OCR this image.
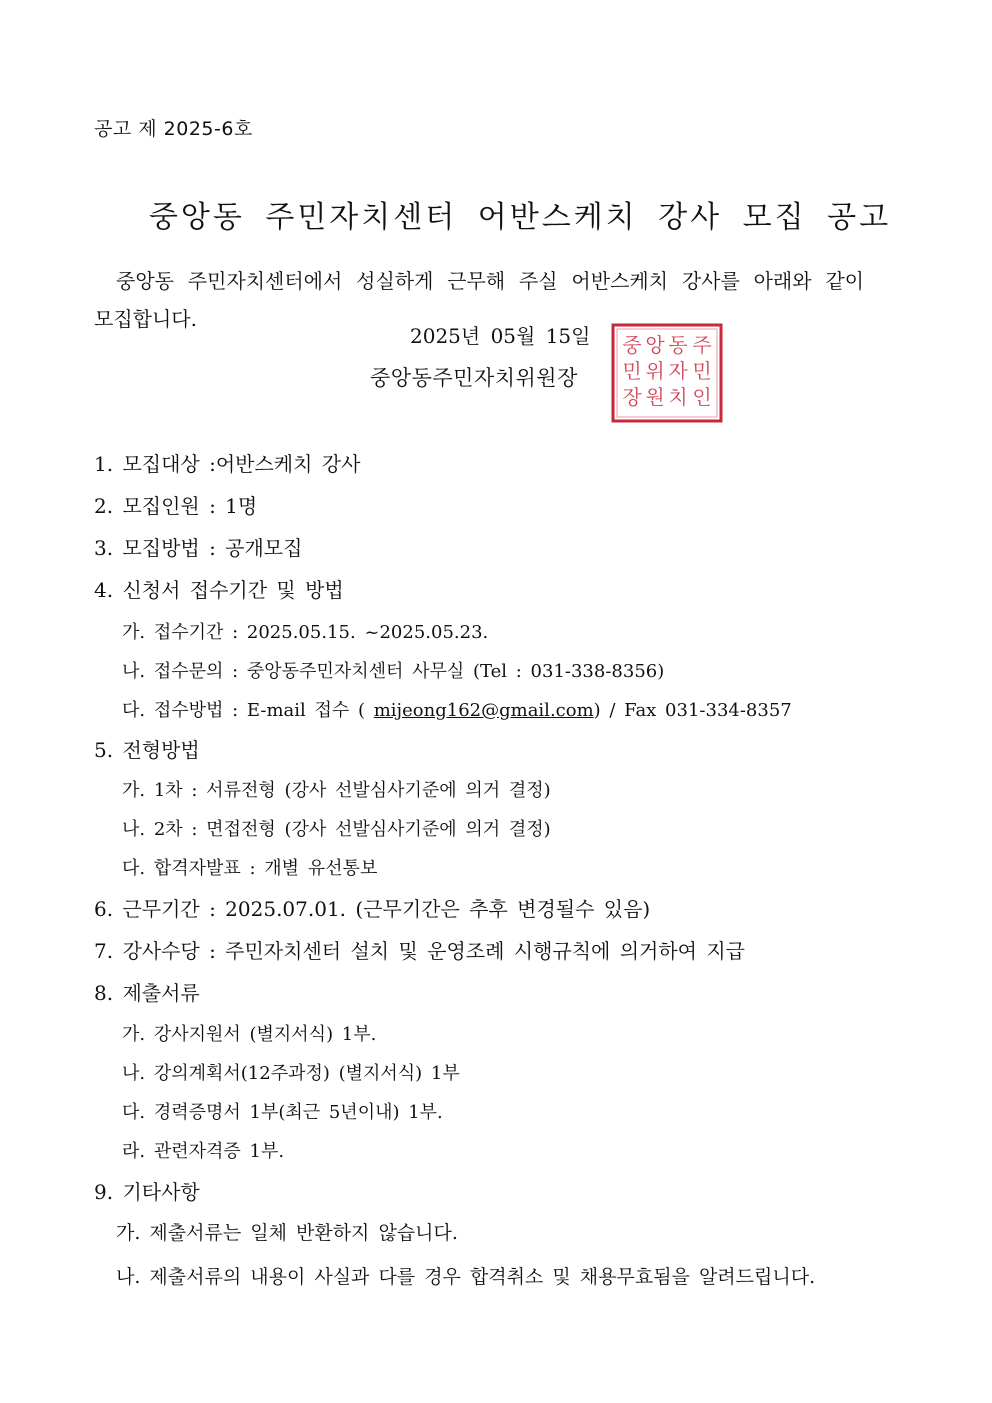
공고 제 2025-6호
중앙동 주민자치센터 어반스케치 강사 모집 공고

중앙동 주민자치센터에서 성실하게 근무해 주실 어반스케치 강사를 아래와 같이 모집합니다.

2025년 05월 15일
중앙동주민자치위원장
주
민
인
동
자
치
앙
위
원
중
민
장
1. 모집대상 :어반스케치 강사
2. 모집인원 : 1명
3. 모집방법 : 공개모집
4. 신청서 접수기간 및 방법
가. 접수기간 : 2025.05.15. ~2025.05.23.
나. 접수문의 : 중앙동주민자치센터 사무실 (Tel : 031-338-8356)
다. 접수방법 : E-mail 접수 ( mijeong162@gmail.com) / Fax 031-334-8357
5. 전형방법
가. 1차 : 서류전형 (강사 선발심사기준에 의거 결정)
나. 2차 : 면접전형 (강사 선발심사기준에 의거 결정)
다. 합격자발표 : 개별 유선통보
6. 근무기간 : 2025.07.01. (근무기간은 추후 변경될수 있음)
7. 강사수당 : 주민자치센터 설치 및 운영조례 시행규칙에 의거하여 지급
8. 제출서류
가. 강사지원서 (별지서식) 1부.
나. 강의계획서(12주과정) (별지서식) 1부
다. 경력증명서 1부(최근 5년이내) 1부.
라. 관련자격증 1부.
9. 기타사항
가. 제출서류는 일체 반환하지 않습니다.
나. 제출서류의 내용이 사실과 다를 경우 합격취소 및 채용무효됨을 알려드립니다.
